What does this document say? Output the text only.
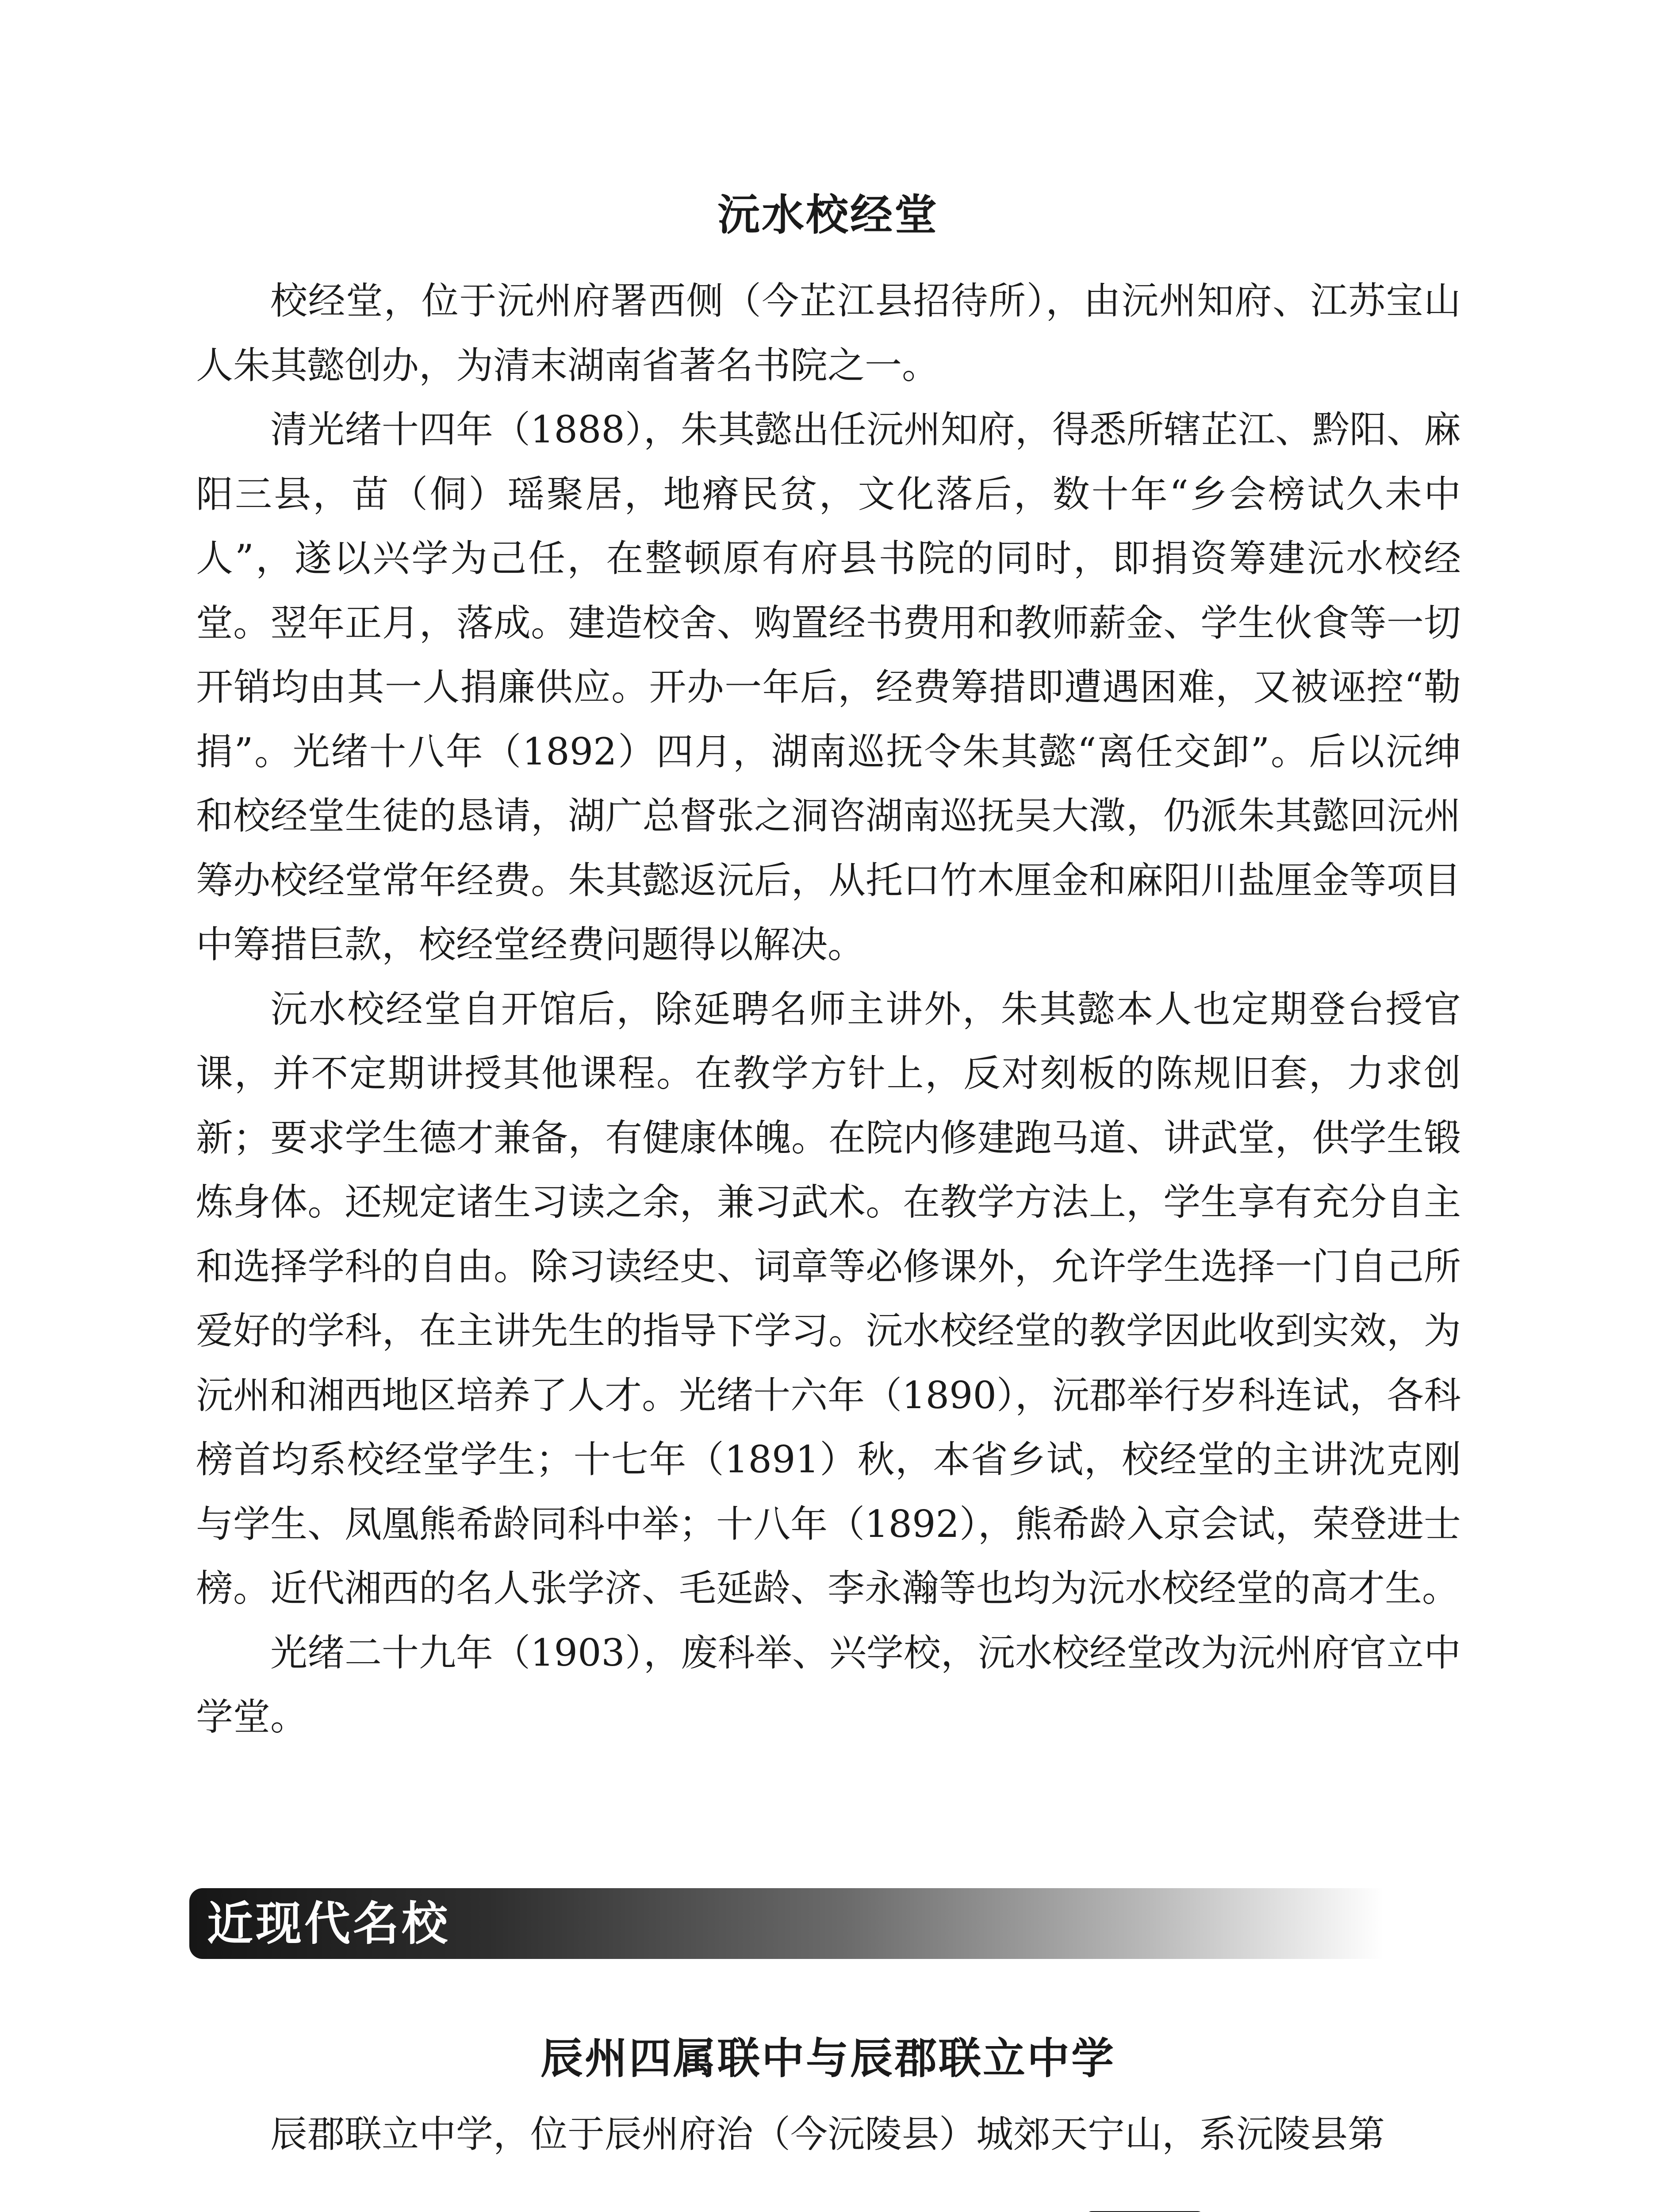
沅水校经堂

校经堂，位于沅州府署西侧（今芷江县招待所），由沅州知府、江苏宝山人朱其懿创办，为清末湖南省著名书院之一。

清光绪十四年（1888），朱其懿出任沅州知府，得悉所辖芷江、黔阳、麻阳三县，苗（侗）瑶聚居，地瘠民贫，文化落后，数十年“乡会榜试久未中人”，遂以兴学为己任，在整顿原有府县书院的同时，即捐资筹建沅水校经堂。翌年正月，落成。建造校舍、购置经书费用和教师薪金、学生伙食等一切开销均由其一人捐廉供应。开办一年后，经费筹措即遭遇困难，又被诬控“勒捐”。光绪十八年（1892）四月，湖南巡抚令朱其懿“离任交卸”。后以沅绅和校经堂生徒的恳请，湖广总督张之洞咨湖南巡抚吴大澂，仍派朱其懿回沅州筹办校经堂常年经费。朱其懿返沅后，从托口竹木厘金和麻阳川盐厘金等项目中筹措巨款，校经堂经费问题得以解决。

沅水校经堂自开馆后，除延聘名师主讲外，朱其懿本人也定期登台授官课，并不定期讲授其他课程。在教学方针上，反对刻板的陈规旧套，力求创新；要求学生德才兼备，有健康体魄。在院内修建跑马道、讲武堂，供学生锻炼身体。还规定诸生习读之余，兼习武术。在教学方法上，学生享有充分自主和选择学科的自由。除习读经史、词章等必修课外，允许学生选择一门自己所爱好的学科，在主讲先生的指导下学习。沅水校经堂的教学因此收到实效，为沅州和湘西地区培养了人才。光绪十六年（1890），沅郡举行岁科连试，各科榜首均系校经堂学生；十七年（1891）秋，本省乡试，校经堂的主讲沈克刚与学生、凤凰熊希龄同科中举；十八年（1892），熊希龄入京会试，荣登进士榜。近代湘西的名人张学济、毛延龄、李永瀚等也均为沅水校经堂的高才生。

光绪二十九年（1903），废科举、兴学校，沅水校经堂改为沅州府官立中学堂。

近现代名校
辰州四属联中与辰郡联立中学

辰郡联立中学，位于辰州府治（今沅陵县）城郊天宁山，系沅陵县第
